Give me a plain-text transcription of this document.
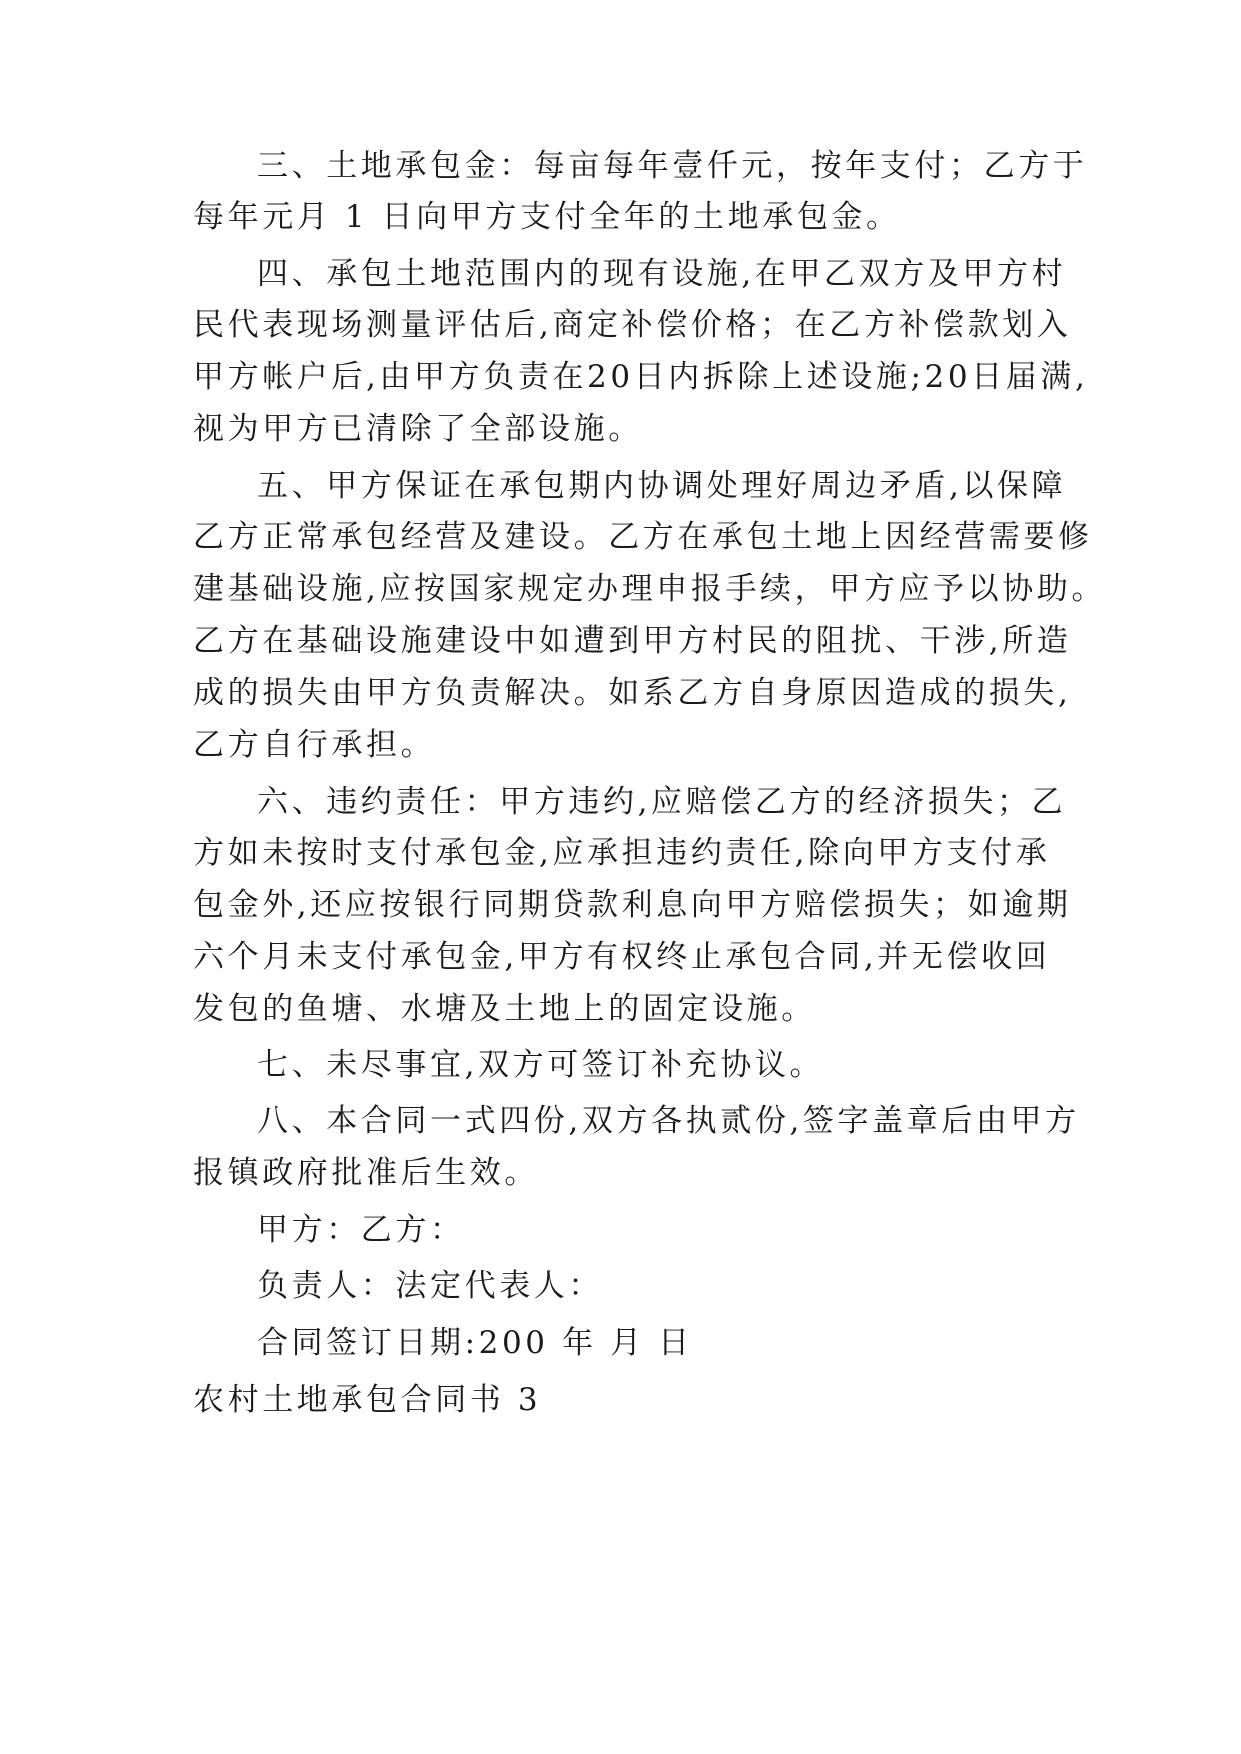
三、土地承包金：每亩每年壹仟元，按年支付；乙方于
每年元月 1 日向甲方支付全年的土地承包金。
四、承包土地范围内的现有设施,在甲乙双方及甲方村
民代表现场测量评估后,商定补偿价格；在乙方补偿款划入
甲方帐户后,由甲方负责在20日内拆除上述设施;20日届满,
视为甲方已清除了全部设施。
五、甲方保证在承包期内协调处理好周边矛盾,以保障
乙方正常承包经营及建设。乙方在承包土地上因经营需要修
建基础设施,应按国家规定办理申报手续，甲方应予以协助。
乙方在基础设施建设中如遭到甲方村民的阻扰、干涉,所造
成的损失由甲方负责解决。如系乙方自身原因造成的损失,
乙方自行承担。
六、违约责任：甲方违约,应赔偿乙方的经济损失；乙
方如未按时支付承包金,应承担违约责任,除向甲方支付承
包金外,还应按银行同期贷款利息向甲方赔偿损失；如逾期
六个月未支付承包金,甲方有权终止承包合同,并无偿收回
发包的鱼塘、水塘及土地上的固定设施。
七、未尽事宜,双方可签订补充协议。
八、本合同一式四份,双方各执贰份,签字盖章后由甲方
报镇政府批准后生效。
甲方：乙方：
负责人：法定代表人：
合同签订日期:200 年 月 日
农村土地承包合同书 3
